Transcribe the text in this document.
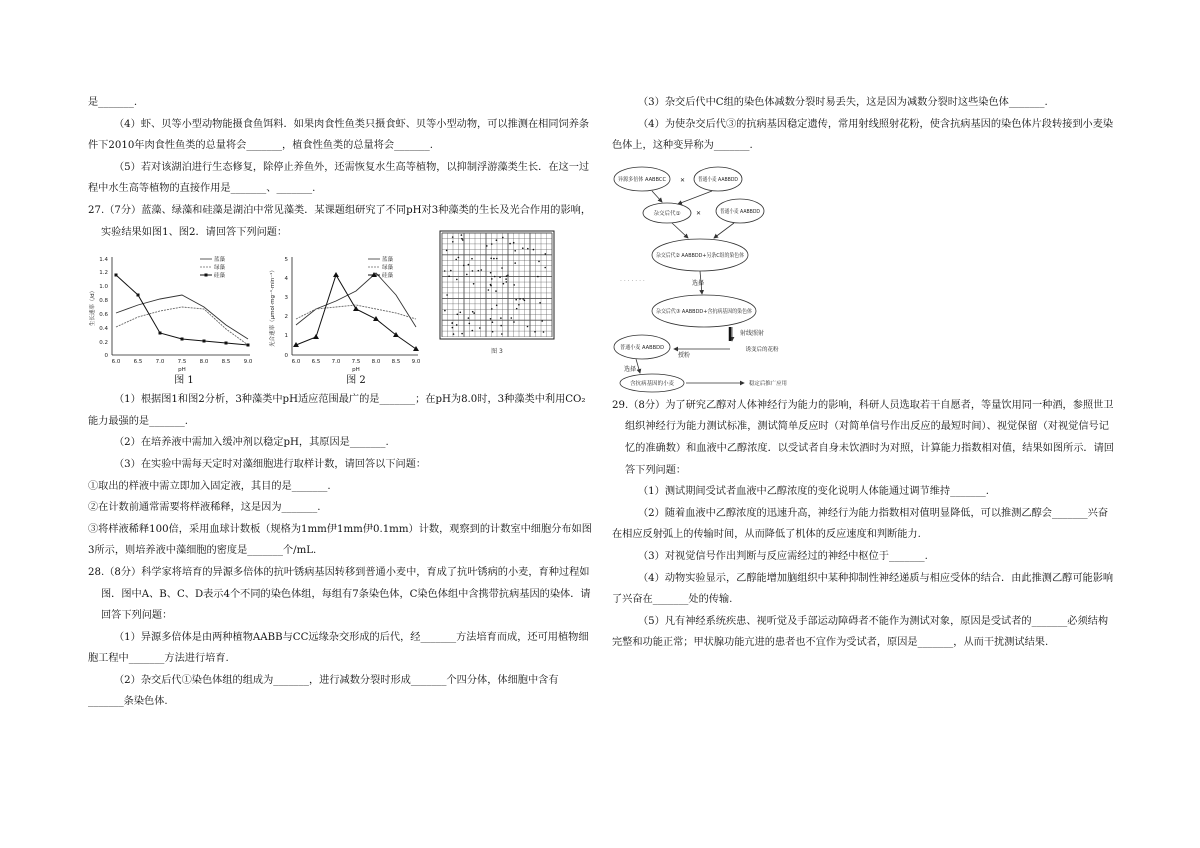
是_______.

（4）虾、贝等小型动物能摄食鱼饵料．如果肉食性鱼类只摄食虾、贝等小型动物，可以推测在相同饲养条件下2010年肉食性鱼类的总量将会_______，植食性鱼类的总量将会_______.

（5）若对该湖泊进行生态修复，除停止养鱼外，还需恢复水生高等植物，以抑制浮游藻类生长．在这一过程中水生高等植物的直接作用是_______、_______.

27.（7分）蓝藻、绿藻和硅藻是湖泊中常见藻类．某课题组研究了不同pH对3种藻类的生长及光合作用的影响，实验结果如图1、图2．请回答下列问题：

1.4
1.2
1.0
0.8
0.6
0.4
0.2
0
6.0 6.5 7.0 7.5 8.0 8.5 9.0
pH
生长速率（/d）
蓝藻
绿藻
硅藻
图 1
5
4
3
2
1
0
6.0 6.5 7.0 7.5 8.0 8.5 9.0
pH
光合速率（μmol·mg⁻¹·min⁻¹）
蓝藻
绿藻
硅藻
图 2
图 3

（1）根据图1和图2分析，3种藻类中pH适应范围最广的是_______；在pH为8.0时，3种藻类中利用CO₂能力最强的是_______.

（2）在培养液中需加入缓冲剂以稳定pH，其原因是_______.

（3）在实验中需每天定时对藻细胞进行取样计数，请回答以下问题：

①取出的样液中需立即加入固定液，其目的是_______.

②在计数前通常需要将样液稀释，这是因为_______.

③将样液稀释100倍，采用血球计数板（规格为1mm伊1mm伊0.1mm）计数，观察到的计数室中细胞分布如图3所示，则培养液中藻细胞的密度是_______个/mL.

28.（8分）科学家将培育的异源多倍体的抗叶锈病基因转移到普通小麦中，育成了抗叶锈病的小麦，育种过程如图．图中A、B、C、D表示4个不同的染色体组，每组有7条染色体，C染色体组中含携带抗病基因的染体．请回答下列问题：

（1）异源多倍体是由两种植物AABB与CC远缘杂交形成的后代，经_______方法培育而成，还可用植物细胞工程中_______方法进行培育.

（2）杂交后代①染色体组的组成为_______，进行减数分裂时形成_______个四分体，体细胞中含有_______条染色体.

（3）杂交后代中C组的染色体减数分裂时易丢失，这是因为减数分裂时这些染色体_______.

（4）为使杂交后代③的抗病基因稳定遗传，常用射线照射花粉，使含抗病基因的染色体片段转接到小麦染色体上，这种变异称为_______.

异源多倍体 AABBCC	普通小麦 AABBDD
杂交后代①	普通小麦 AABBDD
杂交后代② AABBDD+另条C组的染色体
杂交后代③ AABBDD+含抗病基因的染色体
普通小麦 AABBDD
含抗病基因的小麦
诱变后的花粉
稳定后推广应用
✕
✕
选择
射线照射
授粉
选择
· · · · · · ·

29.（8分）为了研究乙醇对人体神经行为能力的影响，科研人员选取若干自愿者，等量饮用同一种酒，参照世卫组织神经行为能力测试标准，测试简单反应时（对简单信号作出反应的最短时间）、视觉保留（对视觉信号记忆的准确数）和血液中乙醇浓度．以受试者自身未饮酒时为对照，计算能力指数相对值，结果如图所示．请回答下列问题：

（1）测试期间受试者血液中乙醇浓度的变化说明人体能通过调节维持_______.

（2）随着血液中乙醇浓度的迅速升高，神经行为能力指数相对值明显降低，可以推测乙醇会_______兴奋在相应反射弧上的传输时间，从而降低了机体的反应速度和判断能力.

（3）对视觉信号作出判断与反应需经过的神经中枢位于_______.

（4）动物实验显示，乙醇能增加脑组织中某种抑制性神经递质与相应受体的结合．由此推测乙醇可能影响了兴奋在_______处的传输.

（5）凡有神经系统疾患、视听觉及手部运动障碍者不能作为测试对象，原因是受试者的_______必须结构完整和功能正常；甲状腺功能亢进的患者也不宜作为受试者，原因是_______，从而干扰测试结果.
